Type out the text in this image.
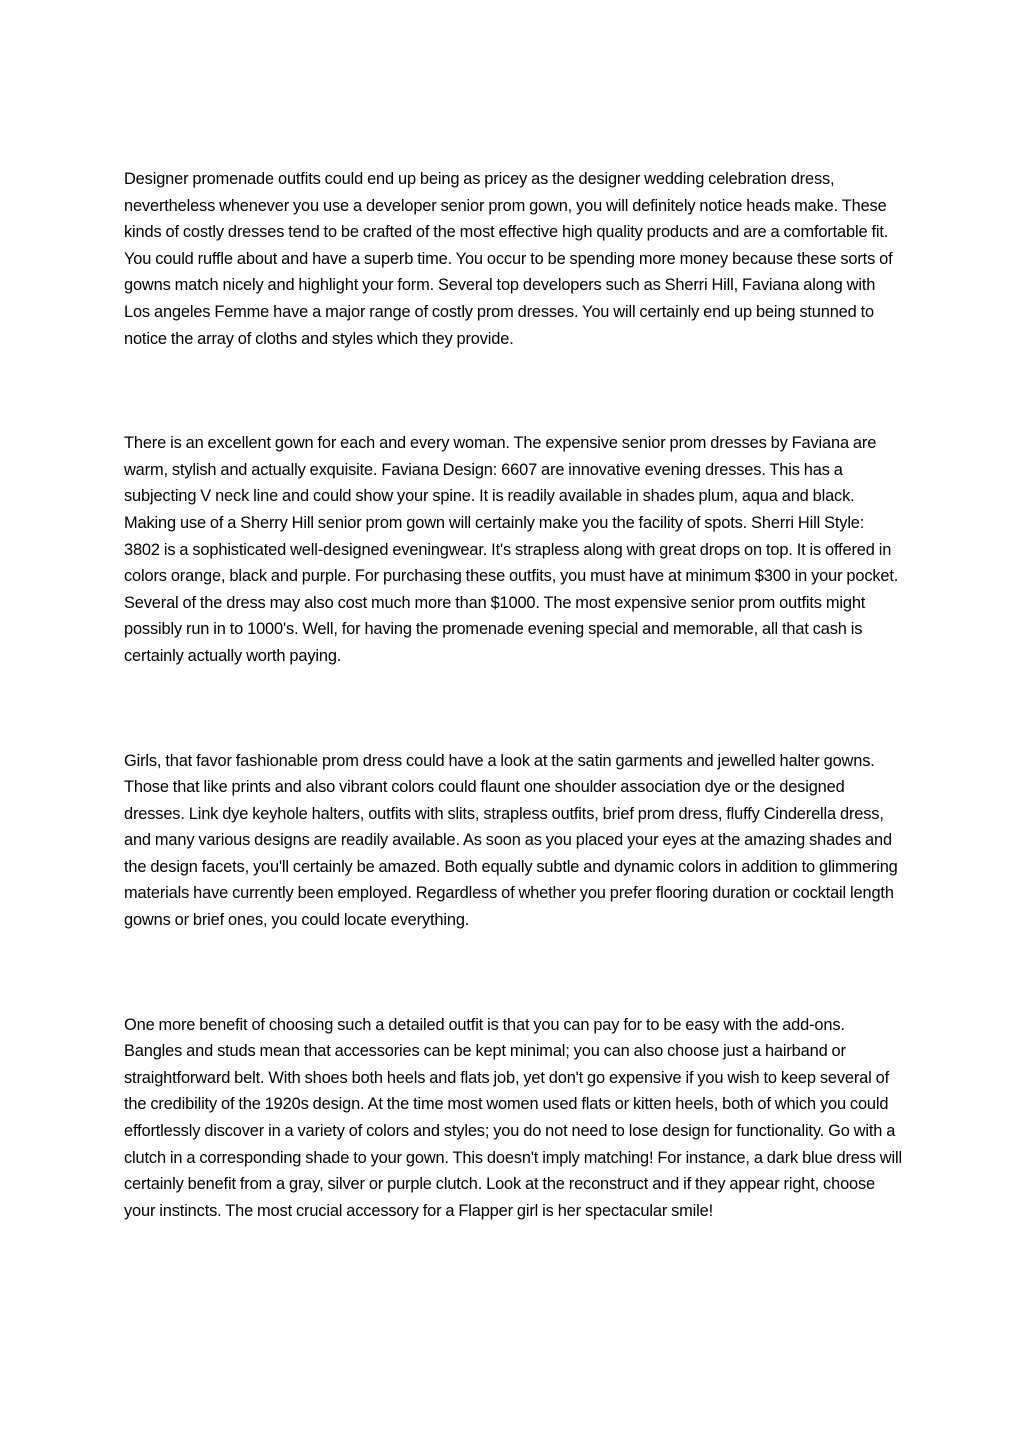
Designer promenade outfits could end up being as pricey as the designer wedding celebration dress, nevertheless whenever you use a developer senior prom gown, you will definitely notice heads make. These kinds of costly dresses tend to be crafted of the most effective high quality products and are a comfortable fit. You could ruffle about and have a superb time. You occur to be spending more money because these sorts of gowns match nicely and highlight your form. Several top developers such as Sherri Hill, Faviana along with Los angeles Femme have a major range of costly prom dresses. You will certainly end up being stunned to notice the array of cloths and styles which they provide.

There is an excellent gown for each and every woman. The expensive senior prom dresses by Faviana are warm, stylish and actually exquisite. Faviana Design: 6607 are innovative evening dresses. This has a subjecting V neck line and could show your spine. It is readily available in shades plum, aqua and black. Making use of a Sherry Hill senior prom gown will certainly make you the facility of spots. Sherri Hill Style: 3802 is a sophisticated well-designed eveningwear. It's strapless along with great drops on top. It is offered in colors orange, black and purple. For purchasing these outfits, you must have at minimum $300 in your pocket. Several of the dress may also cost much more than $1000. The most expensive senior prom outfits might possibly run in to 1000's. Well, for having the promenade evening special and memorable, all that cash is certainly actually worth paying.

Girls, that favor fashionable prom dress could have a look at the satin garments and jewelled halter gowns. Those that like prints and also vibrant colors could flaunt one shoulder association dye or the designed dresses. Link dye keyhole halters, outfits with slits, strapless outfits, brief prom dress, fluffy Cinderella dress, and many various designs are readily available. As soon as you placed your eyes at the amazing shades and the design facets, you'll certainly be amazed. Both equally subtle and dynamic colors in addition to glimmering materials have currently been employed. Regardless of whether you prefer flooring duration or cocktail length gowns or brief ones, you could locate everything.

One more benefit of choosing such a detailed outfit is that you can pay for to be easy with the add-ons. Bangles and studs mean that accessories can be kept minimal; you can also choose just a hairband or straightforward belt. With shoes both heels and flats job, yet don't go expensive if you wish to keep several of the credibility of the 1920s design. At the time most women used flats or kitten heels, both of which you could effortlessly discover in a variety of colors and styles; you do not need to lose design for functionality. Go with a clutch in a corresponding shade to your gown. This doesn't imply matching! For instance, a dark blue dress will certainly benefit from a gray, silver or purple clutch. Look at the reconstruct and if they appear right, choose your instincts. The most crucial accessory for a Flapper girl is her spectacular smile!
